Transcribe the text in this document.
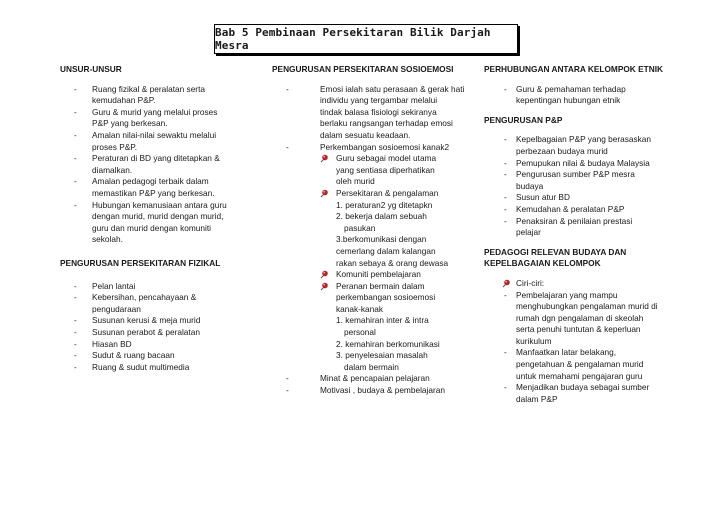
Bab 5 Pembinaan Persekitaran Bilik Darjah Mesra

UNSUR-UNSUR

- Ruang fizikal & peralatan serta
kemudahan P&P.
- Guru & murid yang melalui proses
P&P yang berkesan.
- Amalan nilai-nilai sewaktu melalui
proses P&P.
- Peraturan di BD yang ditetapkan &
diamalkan.
- Amalan pedagogi terbaik dalam
memastikan P&P yang berkesan.
- Hubungan kemanusiaan antara guru
dengan murid, murid dengan murid,
guru dan murid dengan komuniti
sekolah.

PENGURUSAN PERSEKITARAN FIZIKAL

- Pelan lantai
- Kebersihan, pencahayaan &
pengudaraan
- Susunan kerusi & meja murid
- Susunan perabot & peralatan
- Hiasan BD
- Sudut & ruang bacaan
- Ruang & sudut multimedia

PENGURUSAN PERSEKITARAN SOSIOEMOSI

- Emosi ialah satu perasaan & gerak hati
individu yang tergambar melalui
tindak balasa fisiologi sekiranya
berlaku rangsangan terhadap emosi
dalam sesuatu keadaan.
- Perkembangan sosioemosi kanak2
Guru sebagai model utama
yang sentiasa diperhatikan
oleh murid
Persekitaran & pengalaman
1. peraturan2 yg ditetapkn
2. bekerja dalam sebuah

pasukan
3.berkomunikasi dengan
cemerlang dalam kalangan
rakan sebaya & orang dewasa
Komuniti pembelajaran
Peranan bermain dalam
perkembangan sosioemosi
kanak-kanak
1. kemahiran inter & intra

personal
2. kemahiran berkomunikasi
3. penyelesaian masalah

dalam bermain
- Minat & pencapaian pelajaran
- Motivasi , budaya & pembelajaran

PERHUBUNGAN ANTARA KELOMPOK ETNIK

- Guru & pemahaman terhadap
kepentingan hubungan etnik

PENGURUSAN P&P

- Kepelbagaian P&P yang berasaskan
perbezaan budaya murid
- Pemupukan nilai & budaya Malaysia
- Pengurusan sumber P&P mesra
budaya
- Susun atur BD
- Kemudahan & peralatan P&P
- Penaksiran & penilaian prestasi
pelajar

PEDAGOGI RELEVAN BUDAYA DAN
KEPELBAGAIAN KELOMPOK

Ciri-ciri:
- Pembelajaran yang mampu
menghubungkan pengalaman murid di
rumah dgn pengalaman di skeolah
serta penuhi tuntutan & keperluan
kurikulum
- Manfaatkan latar belakang,
pengetahuan & pengalaman murid
untuk memahami pengajaran guru
- Menjadikan budaya sebagai sumber
dalam P&P
